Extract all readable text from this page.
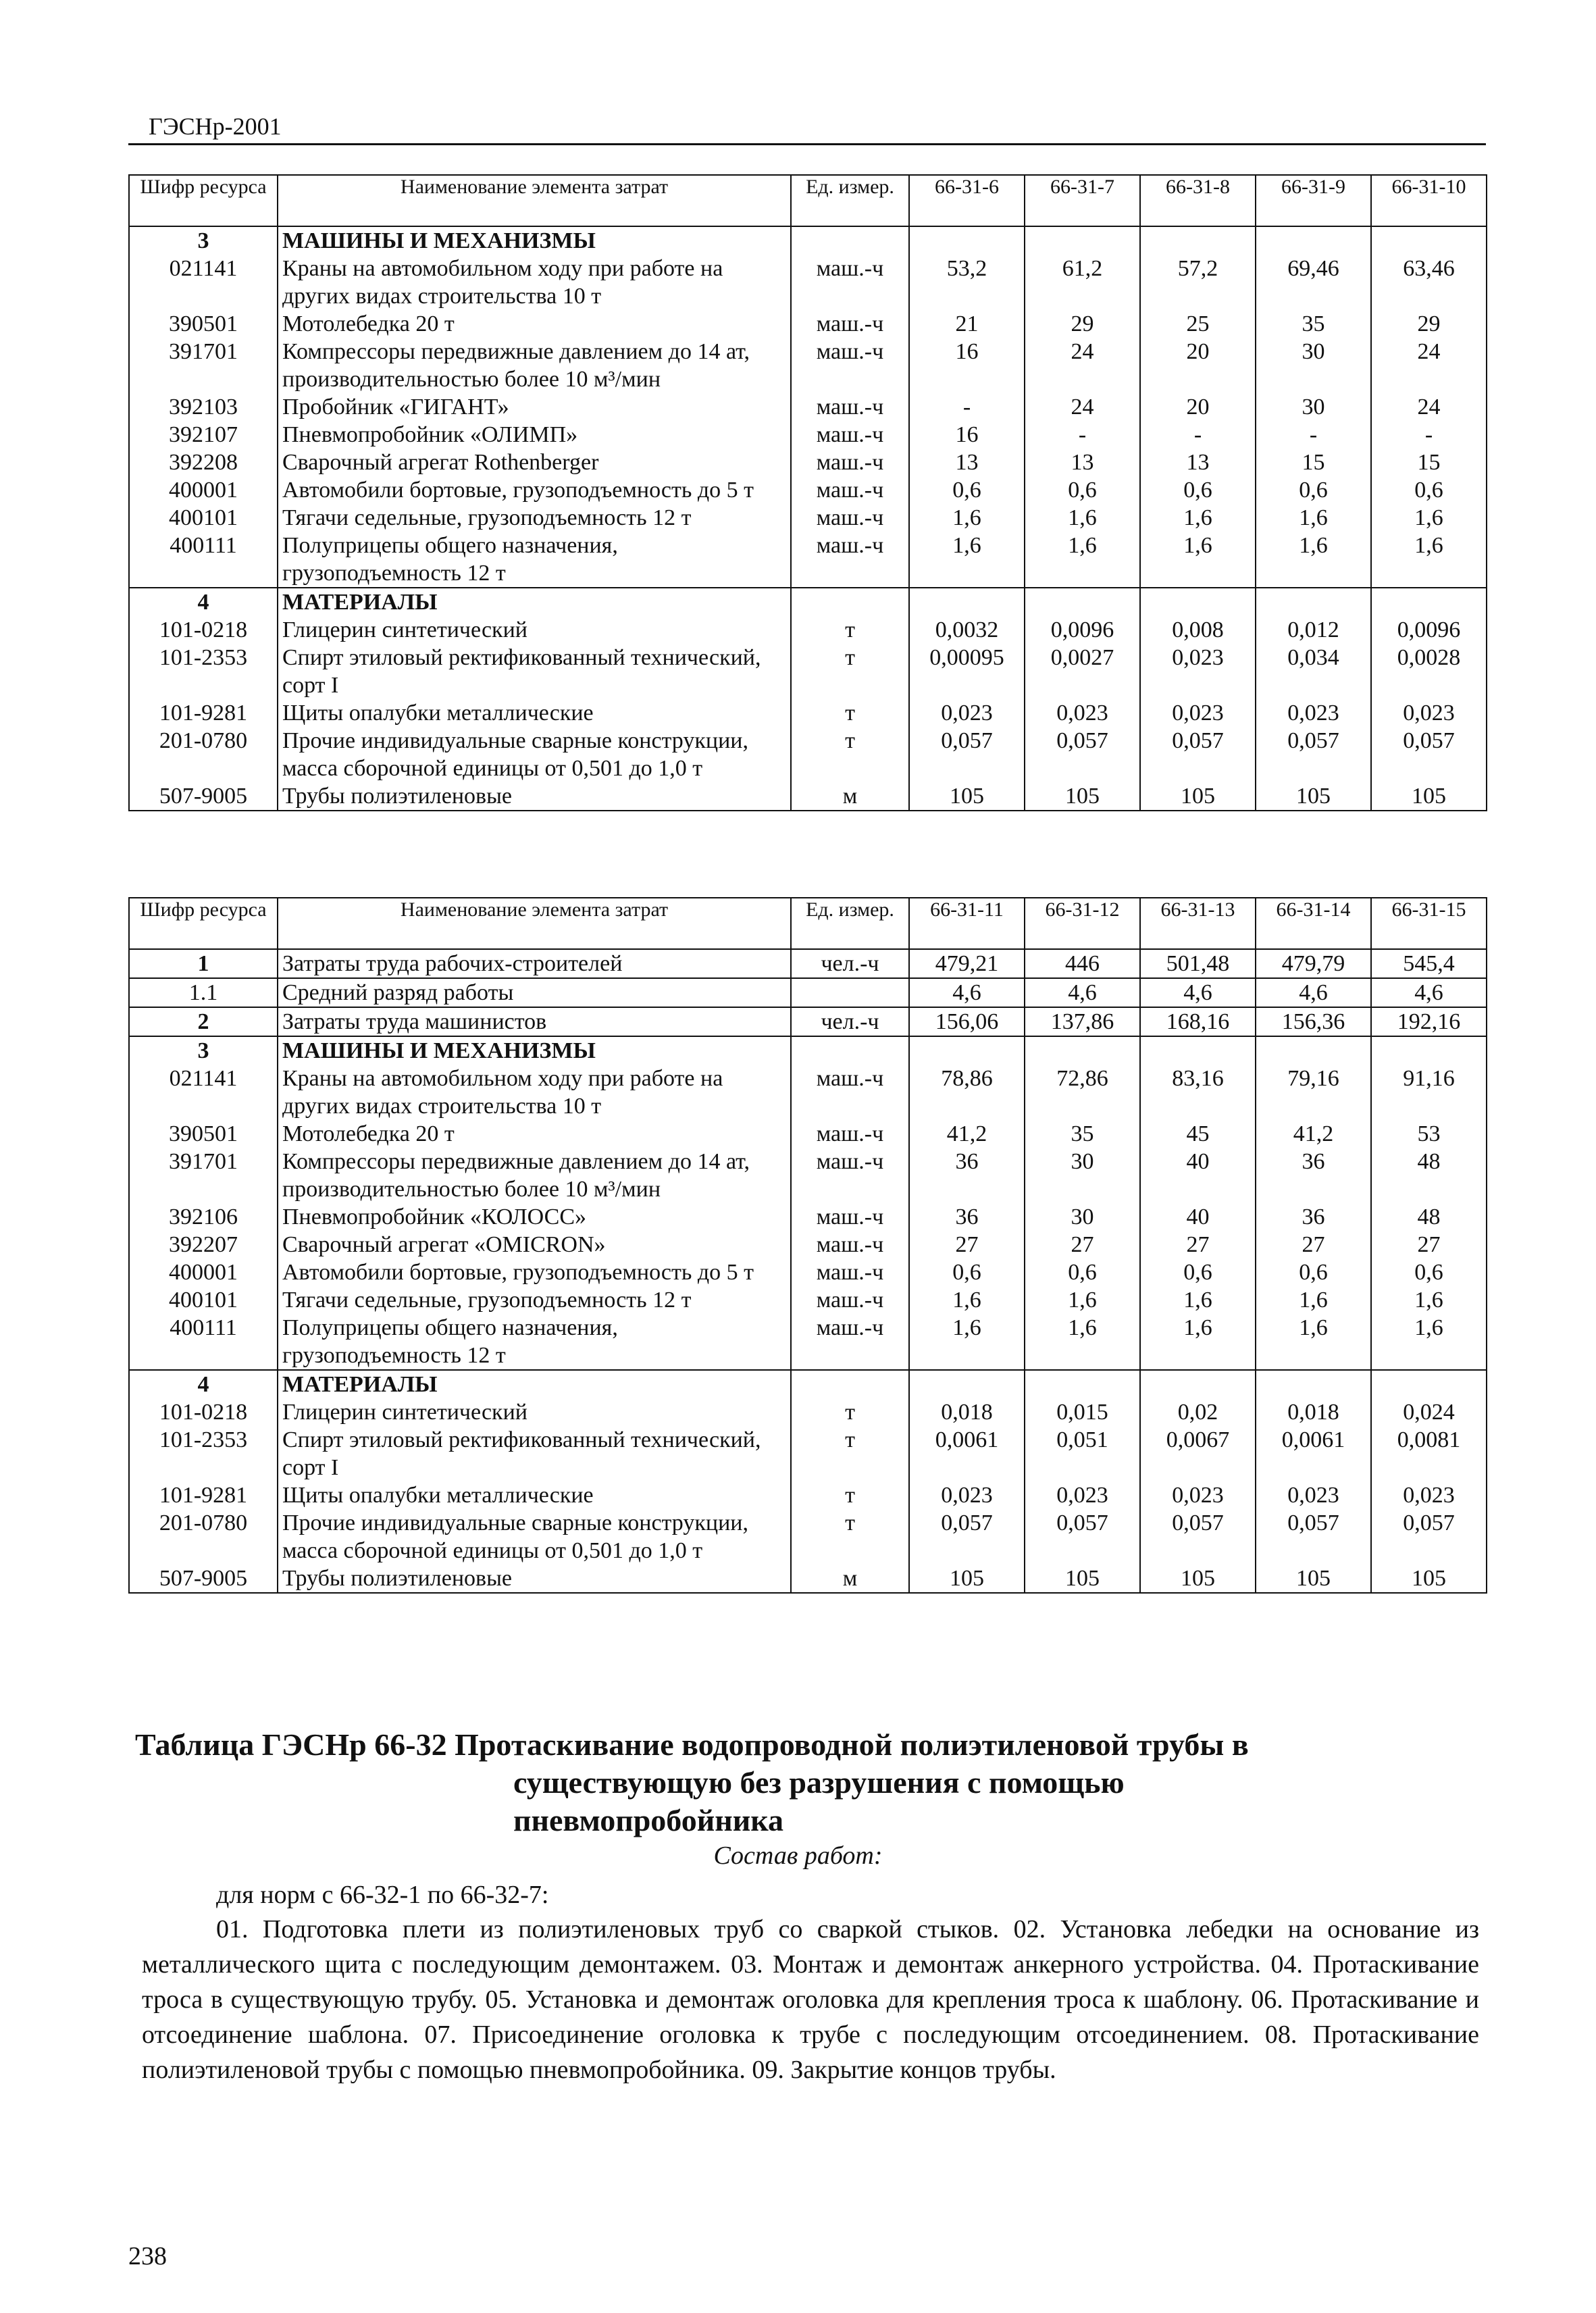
ГЭСНр-2001
Шифр ресурса	Наименование элемента затрат	Ед. измер.	66-31-6	66-31-7	66-31-8	66-31-9	66-31-10
3	МАШИНЫ И МЕХАНИЗМЫ						
021141	Краны на автомобильном ходу при работе на других видах строительства 10 т	маш.-ч	53,2	61,2	57,2	69,46	63,46
390501	Мотолебедка 20 т	маш.-ч	21	29	25	35	29
391701	Компрессоры передвижные давлением до 14 ат, производительностью более 10 м³/мин	маш.-ч	16	24	20	30	24
392103	Пробойник «ГИГАНТ»	маш.-ч	-	24	20	30	24
392107	Пневмопробойник «ОЛИМП»	маш.-ч	16	-	-	-	-
392208	Сварочный агрегат Rothenberger	маш.-ч	13	13	13	15	15
400001	Автомобили бортовые, грузоподъемность до 5 т	маш.-ч	0,6	0,6	0,6	0,6	0,6
400101	Тягачи седельные, грузоподъемность 12 т	маш.-ч	1,6	1,6	1,6	1,6	1,6
400111	Полуприцепы общего назначения, грузоподъемность 12 т	маш.-ч	1,6	1,6	1,6	1,6	1,6
4	МАТЕРИАЛЫ						
101-0218	Глицерин синтетический	т	0,0032	0,0096	0,008	0,012	0,0096
101-2353	Спирт этиловый ректификованный технический, сорт I	т	0,00095	0,0027	0,023	0,034	0,0028
101-9281	Щиты опалубки металлические	т	0,023	0,023	0,023	0,023	0,023
201-0780	Прочие индивидуальные сварные конструкции, масса сборочной единицы от 0,501 до 1,0 т	т	0,057	0,057	0,057	0,057	0,057
507-9005	Трубы полиэтиленовые	м	105	105	105	105	105
Шифр ресурса	Наименование элемента затрат	Ед. измер.	66-31-11	66-31-12	66-31-13	66-31-14	66-31-15
1	Затраты труда рабочих-строителей	чел.-ч	479,21	446	501,48	479,79	545,4
1.1	Средний разряд работы		4,6	4,6	4,6	4,6	4,6
2	Затраты труда машинистов	чел.-ч	156,06	137,86	168,16	156,36	192,16
3	МАШИНЫ И МЕХАНИЗМЫ						
021141	Краны на автомобильном ходу при работе на других видах строительства 10 т	маш.-ч	78,86	72,86	83,16	79,16	91,16
390501	Мотолебедка 20 т	маш.-ч	41,2	35	45	41,2	53
391701	Компрессоры передвижные давлением до 14 ат, производительностью более 10 м³/мин	маш.-ч	36	30	40	36	48
392106	Пневмопробойник «КОЛОСС»	маш.-ч	36	30	40	36	48
392207	Сварочный агрегат «OMICRON»	маш.-ч	27	27	27	27	27
400001	Автомобили бортовые, грузоподъемность до 5 т	маш.-ч	0,6	0,6	0,6	0,6	0,6
400101	Тягачи седельные, грузоподъемность 12 т	маш.-ч	1,6	1,6	1,6	1,6	1,6
400111	Полуприцепы общего назначения, грузоподъемность 12 т	маш.-ч	1,6	1,6	1,6	1,6	1,6
4	МАТЕРИАЛЫ						
101-0218	Глицерин синтетический	т	0,018	0,015	0,02	0,018	0,024
101-2353	Спирт этиловый ректификованный технический, сорт I	т	0,0061	0,051	0,0067	0,0061	0,0081
101-9281	Щиты опалубки металлические	т	0,023	0,023	0,023	0,023	0,023
201-0780	Прочие индивидуальные сварные конструкции, масса сборочной единицы от 0,501 до 1,0 т	т	0,057	0,057	0,057	0,057	0,057
507-9005	Трубы полиэтиленовые	м	105	105	105	105	105
Таблица ГЭСНр 66-32 Протаскивание водопроводной полиэтиленовой трубы в
существующую без разрушения с помощью
пневмопробойника
Состав работ:
для норм с 66-32-1 по 66-32-7:
01. Подготовка плети из полиэтиленовых труб со сваркой стыков. 02. Установка лебедки на основание из металлического щита с последующим демонтажем. 03. Монтаж и демонтаж анкерного устройства. 04. Протаскивание троса в существующую трубу. 05. Установка и демонтаж оголовка для крепления троса к шаблону. 06. Протаскивание и отсоединение шаблона. 07. Присоединение оголовка к трубе с последующим отсоединением. 08. Протаскивание полиэтиленовой трубы с помощью пневмопробойника. 09. Закрытие концов трубы.
238
